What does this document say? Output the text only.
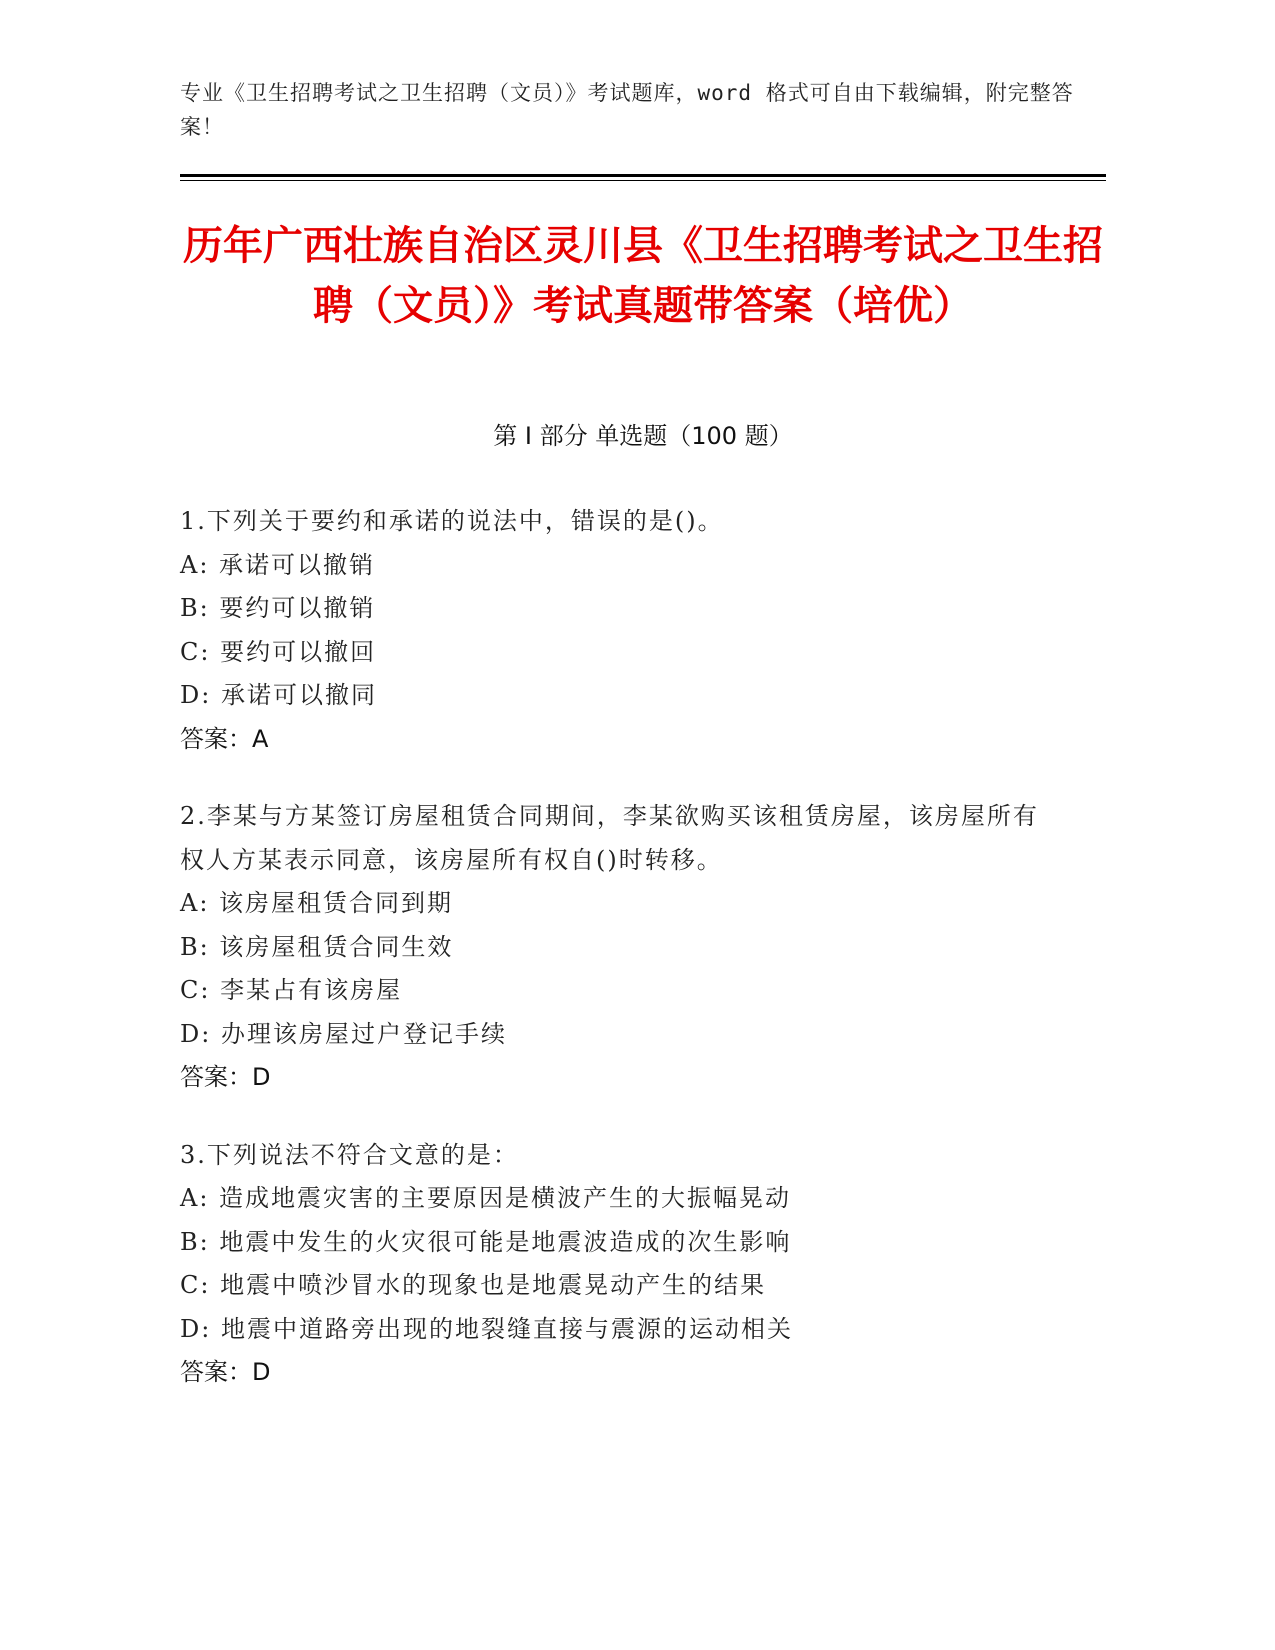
专业《卫生招聘考试之卫生招聘（文员）》考试题库，word 格式可自由下载编辑，附完整答案！
历年广西壮族自治区灵川县《卫生招聘考试之卫生招聘（文员）》考试真题带答案（培优）
第 I 部分 单选题（100 题）
1.下列关于要约和承诺的说法中，错误的是()。
A: 承诺可以撤销
B: 要约可以撤销
C: 要约可以撤回
D: 承诺可以撤同
答案：A
2.李某与方某签订房屋租赁合同期间，李某欲购买该租赁房屋，该房屋所有权人方某表示同意，该房屋所有权自()时转移。
A: 该房屋租赁合同到期
B: 该房屋租赁合同生效
C: 李某占有该房屋
D: 办理该房屋过户登记手续
答案：D
3.下列说法不符合文意的是：
A: 造成地震灾害的主要原因是横波产生的大振幅晃动
B: 地震中发生的火灾很可能是地震波造成的次生影响
C: 地震中喷沙冒水的现象也是地震晃动产生的结果
D: 地震中道路旁出现的地裂缝直接与震源的运动相关
答案：D
